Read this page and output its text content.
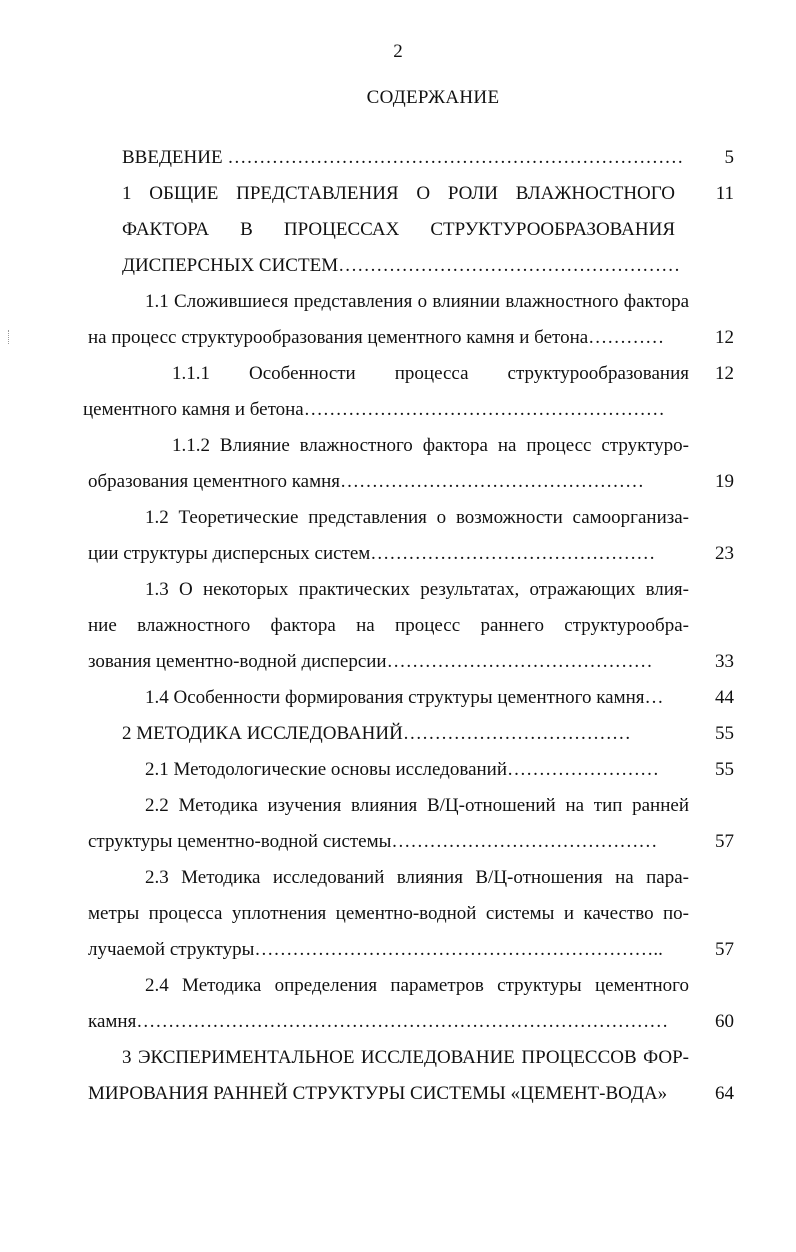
2
СОДЕРЖАНИЕ
ВВЕДЕНИЕ ………………………………………………………………
1 ОБЩИЕ ПРЕДСТАВЛЕНИЯ О РОЛИ ВЛАЖНОСТНОГО
ФАКТОРА В ПРОЦЕССАХ СТРУКТУРООБРАЗОВАНИЯ
ДИСПЕРСНЫХ СИСТЕМ………………………………………………
1.1 Сложившиеся представления о влиянии влажностного фактора
на процесс структурообразования цементного камня и бетона…………
1.1.1 Особенности процесса структурообразования
цементного камня и бетона…………………………………………………
1.1.2 Влияние влажностного фактора на процесс структуро-
образования цементного камня…………………………………………
1.2 Теоретические представления о возможности самоорганиза-
ции структуры дисперсных систем………………………………………
1.3 О некоторых практических результатах, отражающих влия-
ние влажностного фактора на процесс раннего структурообра-
зования цементно-водной дисперсии……………………………………
1.4 Особенности формирования структуры цементного камня…
2 МЕТОДИКА ИССЛЕДОВАНИЙ………………………………
2.1 Методологические основы исследований……………………
2.2 Методика изучения влияния В/Ц-отношений на тип ранней
структуры цементно-водной системы……………………………………
2.3 Методика исследований влияния В/Ц-отношения на пара-
метры процесса уплотнения цементно-водной системы и качество по-
лучаемой структуры………………………………………………………..
2.4 Методика определения параметров структуры цементного
камня…………………………………………………………………………
3 ЭКСПЕРИМЕНТАЛЬНОЕ ИССЛЕДОВАНИЕ ПРОЦЕССОВ ФОР-
МИРОВАНИЯ РАННЕЙ СТРУКТУРЫ СИСТЕМЫ «ЦЕМЕНТ-ВОДА»
5
11
12
12
19
23
33
44
55
55
57
57
60
64
